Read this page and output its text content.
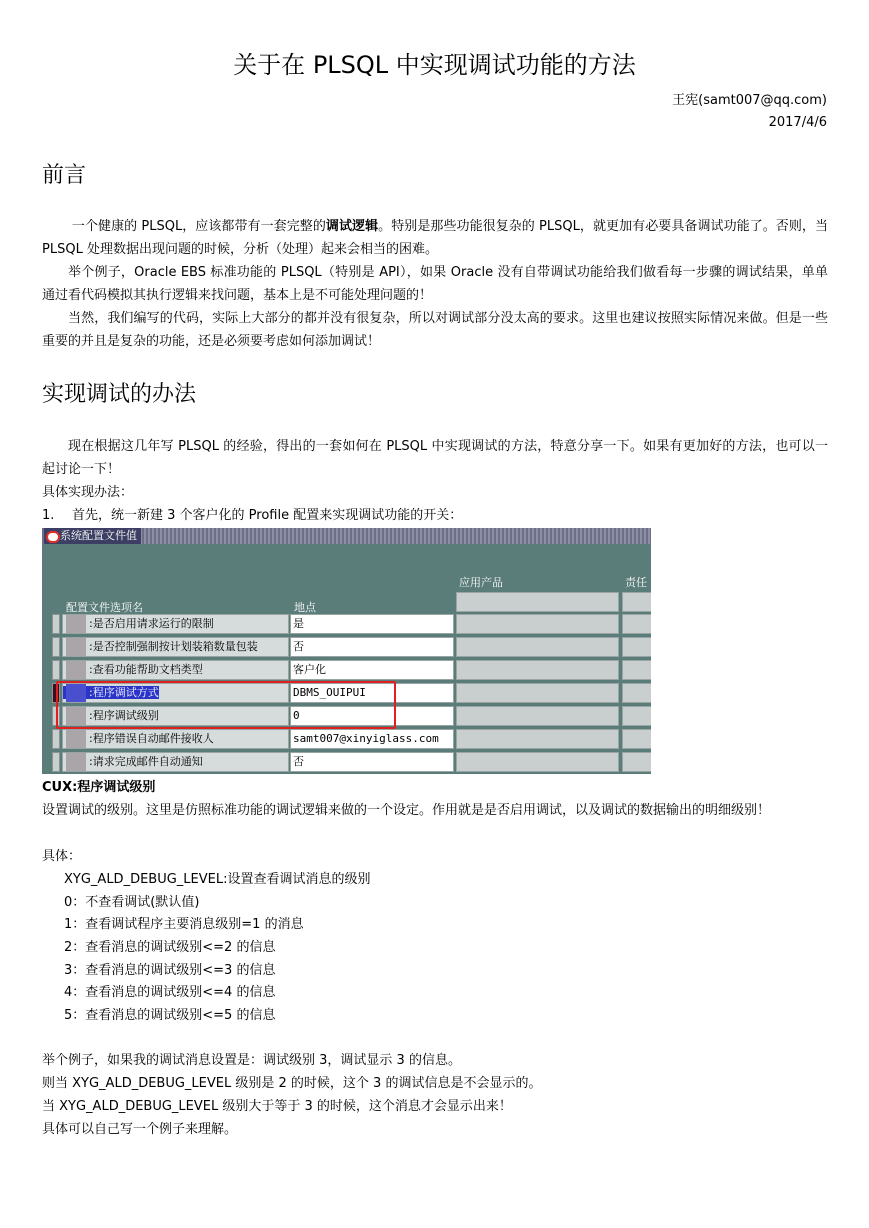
关于在 PLSQL 中实现调试功能的方法
王宪(samt007@qq.com)
2017/4/6
前言
一个健康的 PLSQL，应该都带有一套完整的调试逻辑。特别是那些功能很复杂的 PLSQL，就更加有必要具备调试功能了。否则，当 PLSQL 处理数据出现问题的时候，分析（处理）起来会相当的困难。
举个例子，Oracle EBS 标准功能的 PLSQL（特别是 API），如果 Oracle 没有自带调试功能给我们做看每一步骤的调试结果，单单通过看代码模拟其执行逻辑来找问题，基本上是不可能处理问题的！
当然，我们编写的代码，实际上大部分的都并没有很复杂，所以对调试部分没太高的要求。这里也建议按照实际情况来做。但是一些重要的并且是复杂的功能，还是必须要考虑如何添加调试！
实现调试的办法
现在根据这几年写 PLSQL 的经验，得出的一套如何在 PLSQL 中实现调试的方法，特意分享一下。如果有更加好的方法，也可以一起讨论一下！
具体实现办法：
1. 首先，统一新建 3 个客户化的 Profile 配置来实现调试功能的开关：
系统配置文件值
应用产品	责任
配置文件选项名	地点
:是否启用请求运行的限制	是
:是否控制强制按计划装箱数量包装	否
:查看功能帮助文档类型	客户化
:程序调试方式	DBMS_OUIPUI
:程序调试级别	0
:程序错误自动邮件接收人	samt007@xinyiglass.com
:请求完成邮件自动通知	否
CUX:程序调试级别
设置调试的级别。这里是仿照标准功能的调试逻辑来做的一个设定。作用就是是否启用调试，以及调试的数据输出的明细级别！
具体：
XYG_ALD_DEBUG_LEVEL:设置查看调试消息的级别
0：不查看调试(默认值)
1：查看调试程序主要消息级别=1 的消息
2：查看消息的调试级别<=2 的信息
3：查看消息的调试级别<=3 的信息
4：查看消息的调试级别<=4 的信息
5：查看消息的调试级别<=5 的信息
举个例子，如果我的调试消息设置是：调试级别 3，调试显示 3 的信息。
则当 XYG_ALD_DEBUG_LEVEL 级别是 2 的时候，这个 3 的调试信息是不会显示的。
当 XYG_ALD_DEBUG_LEVEL 级别大于等于 3 的时候，这个消息才会显示出来！
具体可以自己写一个例子来理解。
